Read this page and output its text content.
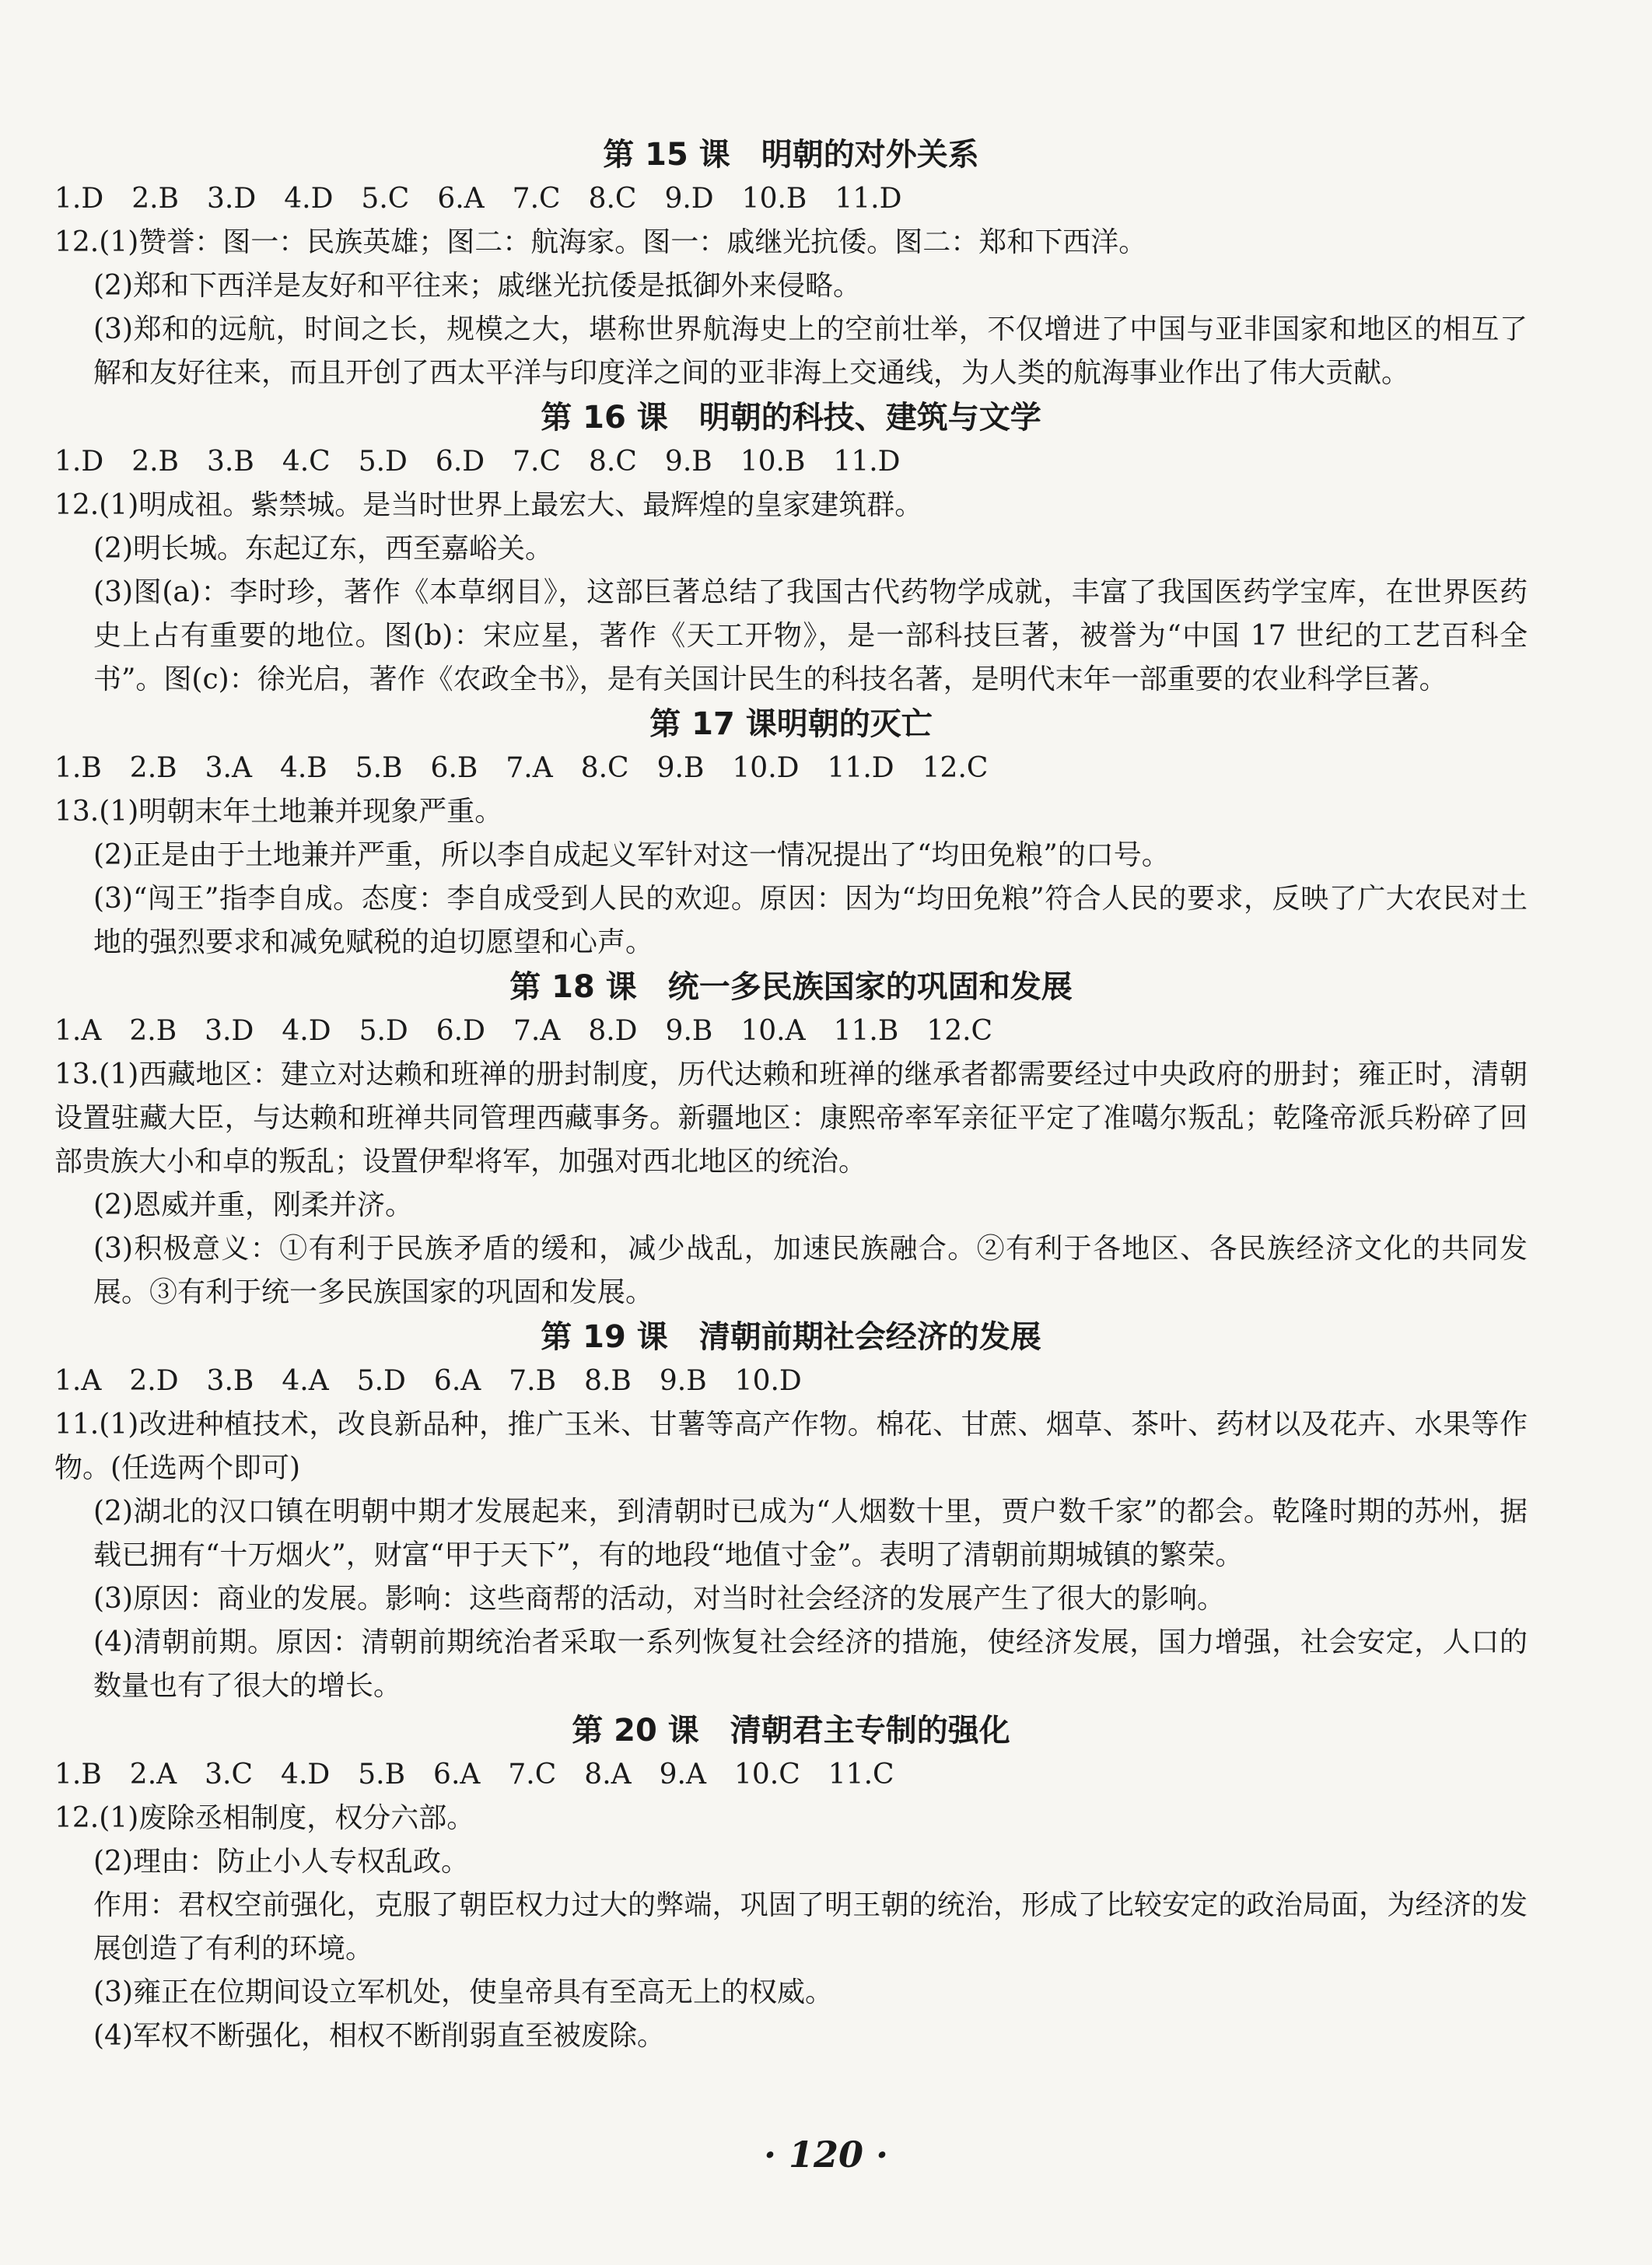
第 15 课　明朝的对外关系
1.D　2.B　3.D　4.D　5.C　6.A　7.C　8.C　9.D　10.B　11.D

12.(1)赞誉：图一：民族英雄；图二：航海家。图一：戚继光抗倭。图二：郑和下西洋。

(2)郑和下西洋是友好和平往来；戚继光抗倭是抵御外来侵略。

(3)郑和的远航，时间之长，规模之大，堪称世界航海史上的空前壮举，不仅增进了中国与亚非国家和地区的相互了解和友好往来，而且开创了西太平洋与印度洋之间的亚非海上交通线，为人类的航海事业作出了伟大贡献。

第 16 课　明朝的科技、建筑与文学
1.D　2.B　3.B　4.C　5.D　6.D　7.C　8.C　9.B　10.B　11.D

12.(1)明成祖。紫禁城。是当时世界上最宏大、最辉煌的皇家建筑群。

(2)明长城。东起辽东，西至嘉峪关。

(3)图(a)：李时珍，著作《本草纲目》，这部巨著总结了我国古代药物学成就，丰富了我国医药学宝库，在世界医药史上占有重要的地位。图(b)：宋应星，著作《天工开物》，是一部科技巨著，被誉为“中国 17 世纪的工艺百科全书”。图(c)：徐光启，著作《农政全书》，是有关国计民生的科技名著，是明代末年一部重要的农业科学巨著。

第 17 课明朝的灭亡
1.B　2.B　3.A　4.B　5.B　6.B　7.A　8.C　9.B　10.D　11.D　12.C

13.(1)明朝末年土地兼并现象严重。

(2)正是由于土地兼并严重，所以李自成起义军针对这一情况提出了“均田免粮”的口号。

(3)“闯王”指李自成。态度：李自成受到人民的欢迎。原因：因为“均田免粮”符合人民的要求，反映了广大农民对土地的强烈要求和减免赋税的迫切愿望和心声。

第 18 课　统一多民族国家的巩固和发展
1.A　2.B　3.D　4.D　5.D　6.D　7.A　8.D　9.B　10.A　11.B　12.C

13.(1)西藏地区：建立对达赖和班禅的册封制度，历代达赖和班禅的继承者都需要经过中央政府的册封；雍正时，清朝设置驻藏大臣，与达赖和班禅共同管理西藏事务。新疆地区：康熙帝率军亲征平定了准噶尔叛乱；乾隆帝派兵粉碎了回部贵族大小和卓的叛乱；设置伊犁将军，加强对西北地区的统治。

(2)恩威并重，刚柔并济。

(3)积极意义：①有利于民族矛盾的缓和，减少战乱，加速民族融合。②有利于各地区、各民族经济文化的共同发展。③有利于统一多民族国家的巩固和发展。

第 19 课　清朝前期社会经济的发展
1.A　2.D　3.B　4.A　5.D　6.A　7.B　8.B　9.B　10.D

11.(1)改进种植技术，改良新品种，推广玉米、甘薯等高产作物。棉花、甘蔗、烟草、茶叶、药材以及花卉、水果等作物。(任选两个即可)

(2)湖北的汉口镇在明朝中期才发展起来，到清朝时已成为“人烟数十里，贾户数千家”的都会。乾隆时期的苏州，据载已拥有“十万烟火”，财富“甲于天下”，有的地段“地值寸金”。表明了清朝前期城镇的繁荣。

(3)原因：商业的发展。影响：这些商帮的活动，对当时社会经济的发展产生了很大的影响。

(4)清朝前期。原因：清朝前期统治者采取一系列恢复社会经济的措施，使经济发展，国力增强，社会安定，人口的数量也有了很大的增长。

第 20 课　清朝君主专制的强化
1.B　2.A　3.C　4.D　5.B　6.A　7.C　8.A　9.A　10.C　11.C

12.(1)废除丞相制度，权分六部。

(2)理由：防止小人专权乱政。

作用：君权空前强化，克服了朝臣权力过大的弊端，巩固了明王朝的统治，形成了比较安定的政治局面，为经济的发展创造了有利的环境。

(3)雍正在位期间设立军机处，使皇帝具有至高无上的权威。

(4)军权不断强化，相权不断削弱直至被废除。

· 120 ·
